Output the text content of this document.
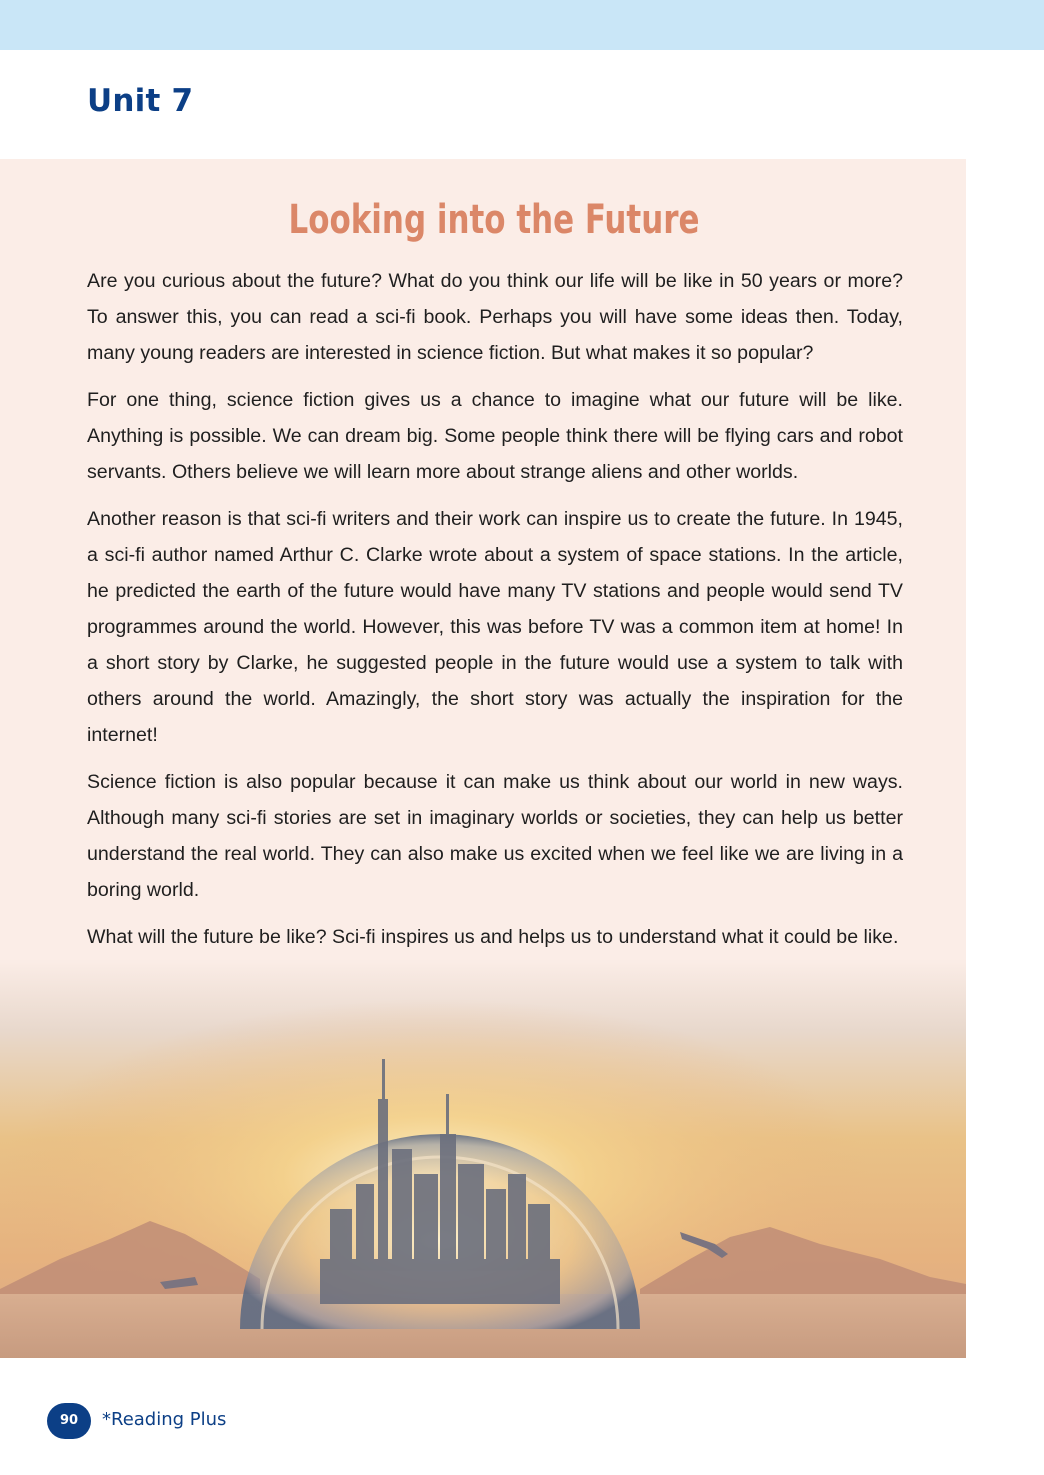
Unit 7
Looking into the Future

Are you curious about the future? What do you think our life will be like in 50 years or more? To answer this, you can read a sci-fi book. Perhaps you will have some ideas then. Today, many young readers are interested in science fiction. But what makes it so popular?

For one thing, science fiction gives us a chance to imagine what our future will be like. Anything is possible. We can dream big. Some people think there will be flying cars and robot servants. Others believe we will learn more about strange aliens and other worlds.

Another reason is that sci-fi writers and their work can inspire us to create the future. In 1945, a sci-fi author named Arthur C. Clarke wrote about a system of space stations. In the article, he predicted the earth of the future would have many TV stations and people would send TV programmes around the world. However, this was before TV was a common item at home! In a short story by Clarke, he suggested people in the future would use a system to talk with others around the world. Amazingly, the short story was actually the inspiration for the internet!

Science fiction is also popular because it can make us think about our world in new ways. Although many sci-fi stories are set in imaginary worlds or societies, they can help us better understand the real world. They can also make us excited when we feel like we are living in a boring world.

What will the future be like? Sci-fi inspires us and helps us to understand what it could be like.

90	*Reading Plus
